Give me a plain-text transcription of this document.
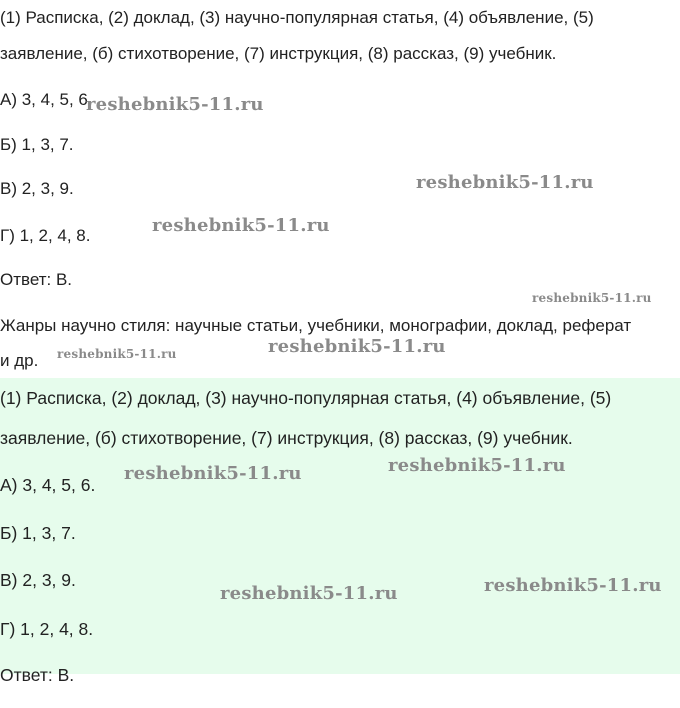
(1) Расписка, (2) доклад, (3) научно-популярная статья, (4) объявление, (5)

заявление, (б) стихотворение, (7) инструкция, (8) рассказ, (9) учебник.

А) 3, 4, 5, 6.

Б) 1, 3, 7.

В) 2, 3, 9.

Г) 1, 2, 4, 8.

Ответ: В.

Жанры научно стиля: научные статьи, учебники, монографии, доклад, реферат

и др.

reshebnik5-11.ru
reshebnik5-11.ru
reshebnik5-11.ru
reshebnik5-11.ru
reshebnik5-11.ru	reshebnik5-11.ru

(1) Расписка, (2) доклад, (3) научно-популярная статья, (4) объявление, (5)

заявление, (б) стихотворение, (7) инструкция, (8) рассказ, (9) учебник.

А) 3, 4, 5, 6.

Б) 1, 3, 7.

В) 2, 3, 9.

Г) 1, 2, 4, 8.

Ответ: В.

reshebnik5-11.ru	reshebnik5-11.ru
reshebnik5-11.ru	reshebnik5-11.ru
